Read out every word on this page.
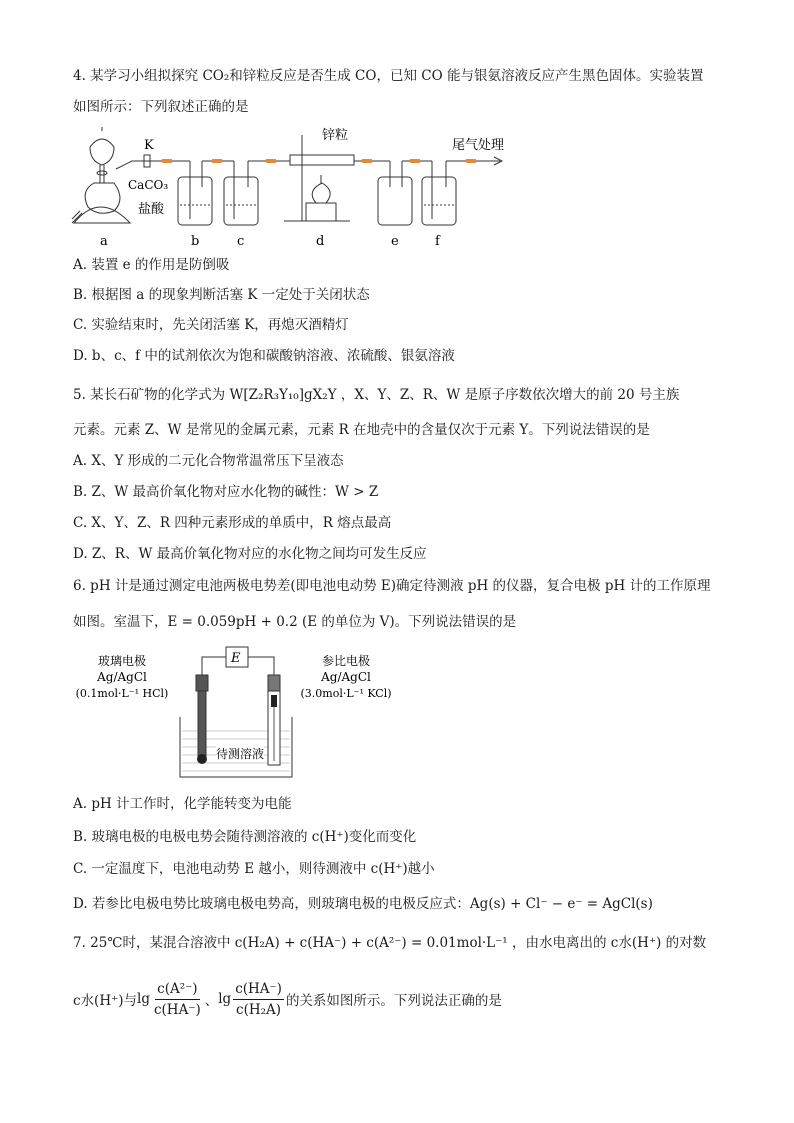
4. 某学习小组拟探究 CO₂和锌粒反应是否生成 CO，已知 CO 能与银氨溶液反应产生黑色固体。实验装置
如图所示：下列叙述正确的是
K
锌粒
尾气处理
CaCO₃
盐酸
a	b	c	d	e	f
A. 装置 e 的作用是防倒吸
B. 根据图 a 的现象判断活塞 K 一定处于关闭状态
C. 实验结束时，先关闭活塞 K，再熄灭酒精灯
D. b、c、f 中的试剂依次为饱和碳酸钠溶液、浓硫酸、银氨溶液
5. 某长石矿物的化学式为 W[Z₂R₃Y₁₀]ɡX₂Y ，X、Y、Z、R、W 是原子序数依次增大的前 20 号主族
元素。元素 Z、W 是常见的金属元素，元素 R 在地壳中的含量仅次于元素 Y。下列说法错误的是
A. X、Y 形成的二元化合物常温常压下呈液态
B. Z、W 最高价氧化物对应水化物的碱性：W > Z
C. X、Y、Z、R 四种元素形成的单质中，R 熔点最高
D. Z、R、W 最高价氧化物对应的水化物之间均可发生反应
6. pH 计是通过测定电池两极电势差(即电池电动势 E)确定待测液 pH 的仪器，复合电极 pH 计的工作原理
如图。室温下，E = 0.059pH + 0.2 (E 的单位为 V)。下列说法错误的是
E
玻璃电极
Ag/AgCl
(0.1mol·L⁻¹ HCl)
参比电极
Ag/AgCl
(3.0mol·L⁻¹ KCl)
待测溶液
A. pH 计工作时，化学能转变为电能
B. 玻璃电极的电极电势会随待测溶液的 c(H⁺)变化而变化
C. 一定温度下，电池电动势 E 越小，则待测液中 c(H⁺)越小
D. 若参比电极电势比玻璃电极电势高，则玻璃电极的电极反应式：Ag(s) + Cl⁻ − e⁻ = AgCl(s)
7. 25℃时，某混合溶液中 c(H₂A) + c(HA⁻) + c(A²⁻) = 0.01mol·L⁻¹ ，由水电离出的 c水(H⁺) 的对数
c水(H⁺)与 $\lg \frac{\text{c(A²⁻)}}{c(HA^-)}$ 、 $\lg \frac{c(HA^-)}{\text{c(H₂A)}}$ 的关系如图所示。下列说法正确的是
